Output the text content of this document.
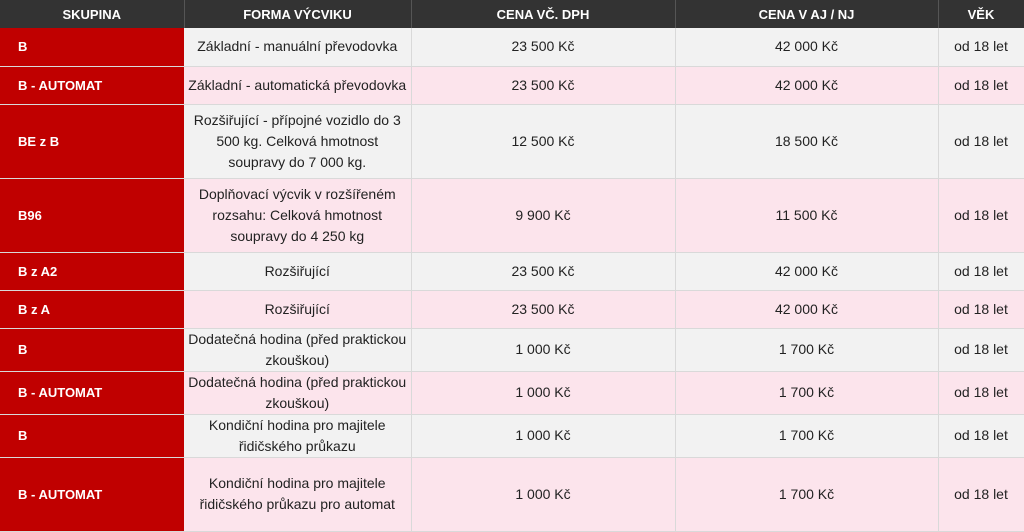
SKUPINA	FORMA VÝCVIKU	CENA VČ. DPH	CENA V AJ / NJ	VĚK
B	Základní - manuální převodovka	23 500 Kč	42 000 Kč	od 18 let
B - AUTOMAT	Základní - automatická převodovka	23 500 Kč	42 000 Kč	od 18 let
BE z B	Rozšiřující - přípojné vozidlo do 3 500 kg. Celková hmotnost soupravy do 7 000 kg.	12 500 Kč	18 500 Kč	od 18 let
B96	Doplňovací výcvik v rozšířeném rozsahu: Celková hmotnost soupravy do 4 250 kg	9 900 Kč	11 500 Kč	od 18 let
B z A2	Rozšiřující	23 500 Kč	42 000 Kč	od 18 let
B z A	Rozšiřující	23 500 Kč	42 000 Kč	od 18 let
B	Dodatečná hodina (před praktickou zkouškou)	1 000 Kč	1 700 Kč	od 18 let
B - AUTOMAT	Dodatečná hodina (před praktickou zkouškou)	1 000 Kč	1 700 Kč	od 18 let
B	Kondiční hodina pro majitele řidičského průkazu	1 000 Kč	1 700 Kč	od 18 let
B - AUTOMAT	Kondiční hodina pro majitele řidičského průkazu pro automat	1 000 Kč	1 700 Kč	od 18 let
